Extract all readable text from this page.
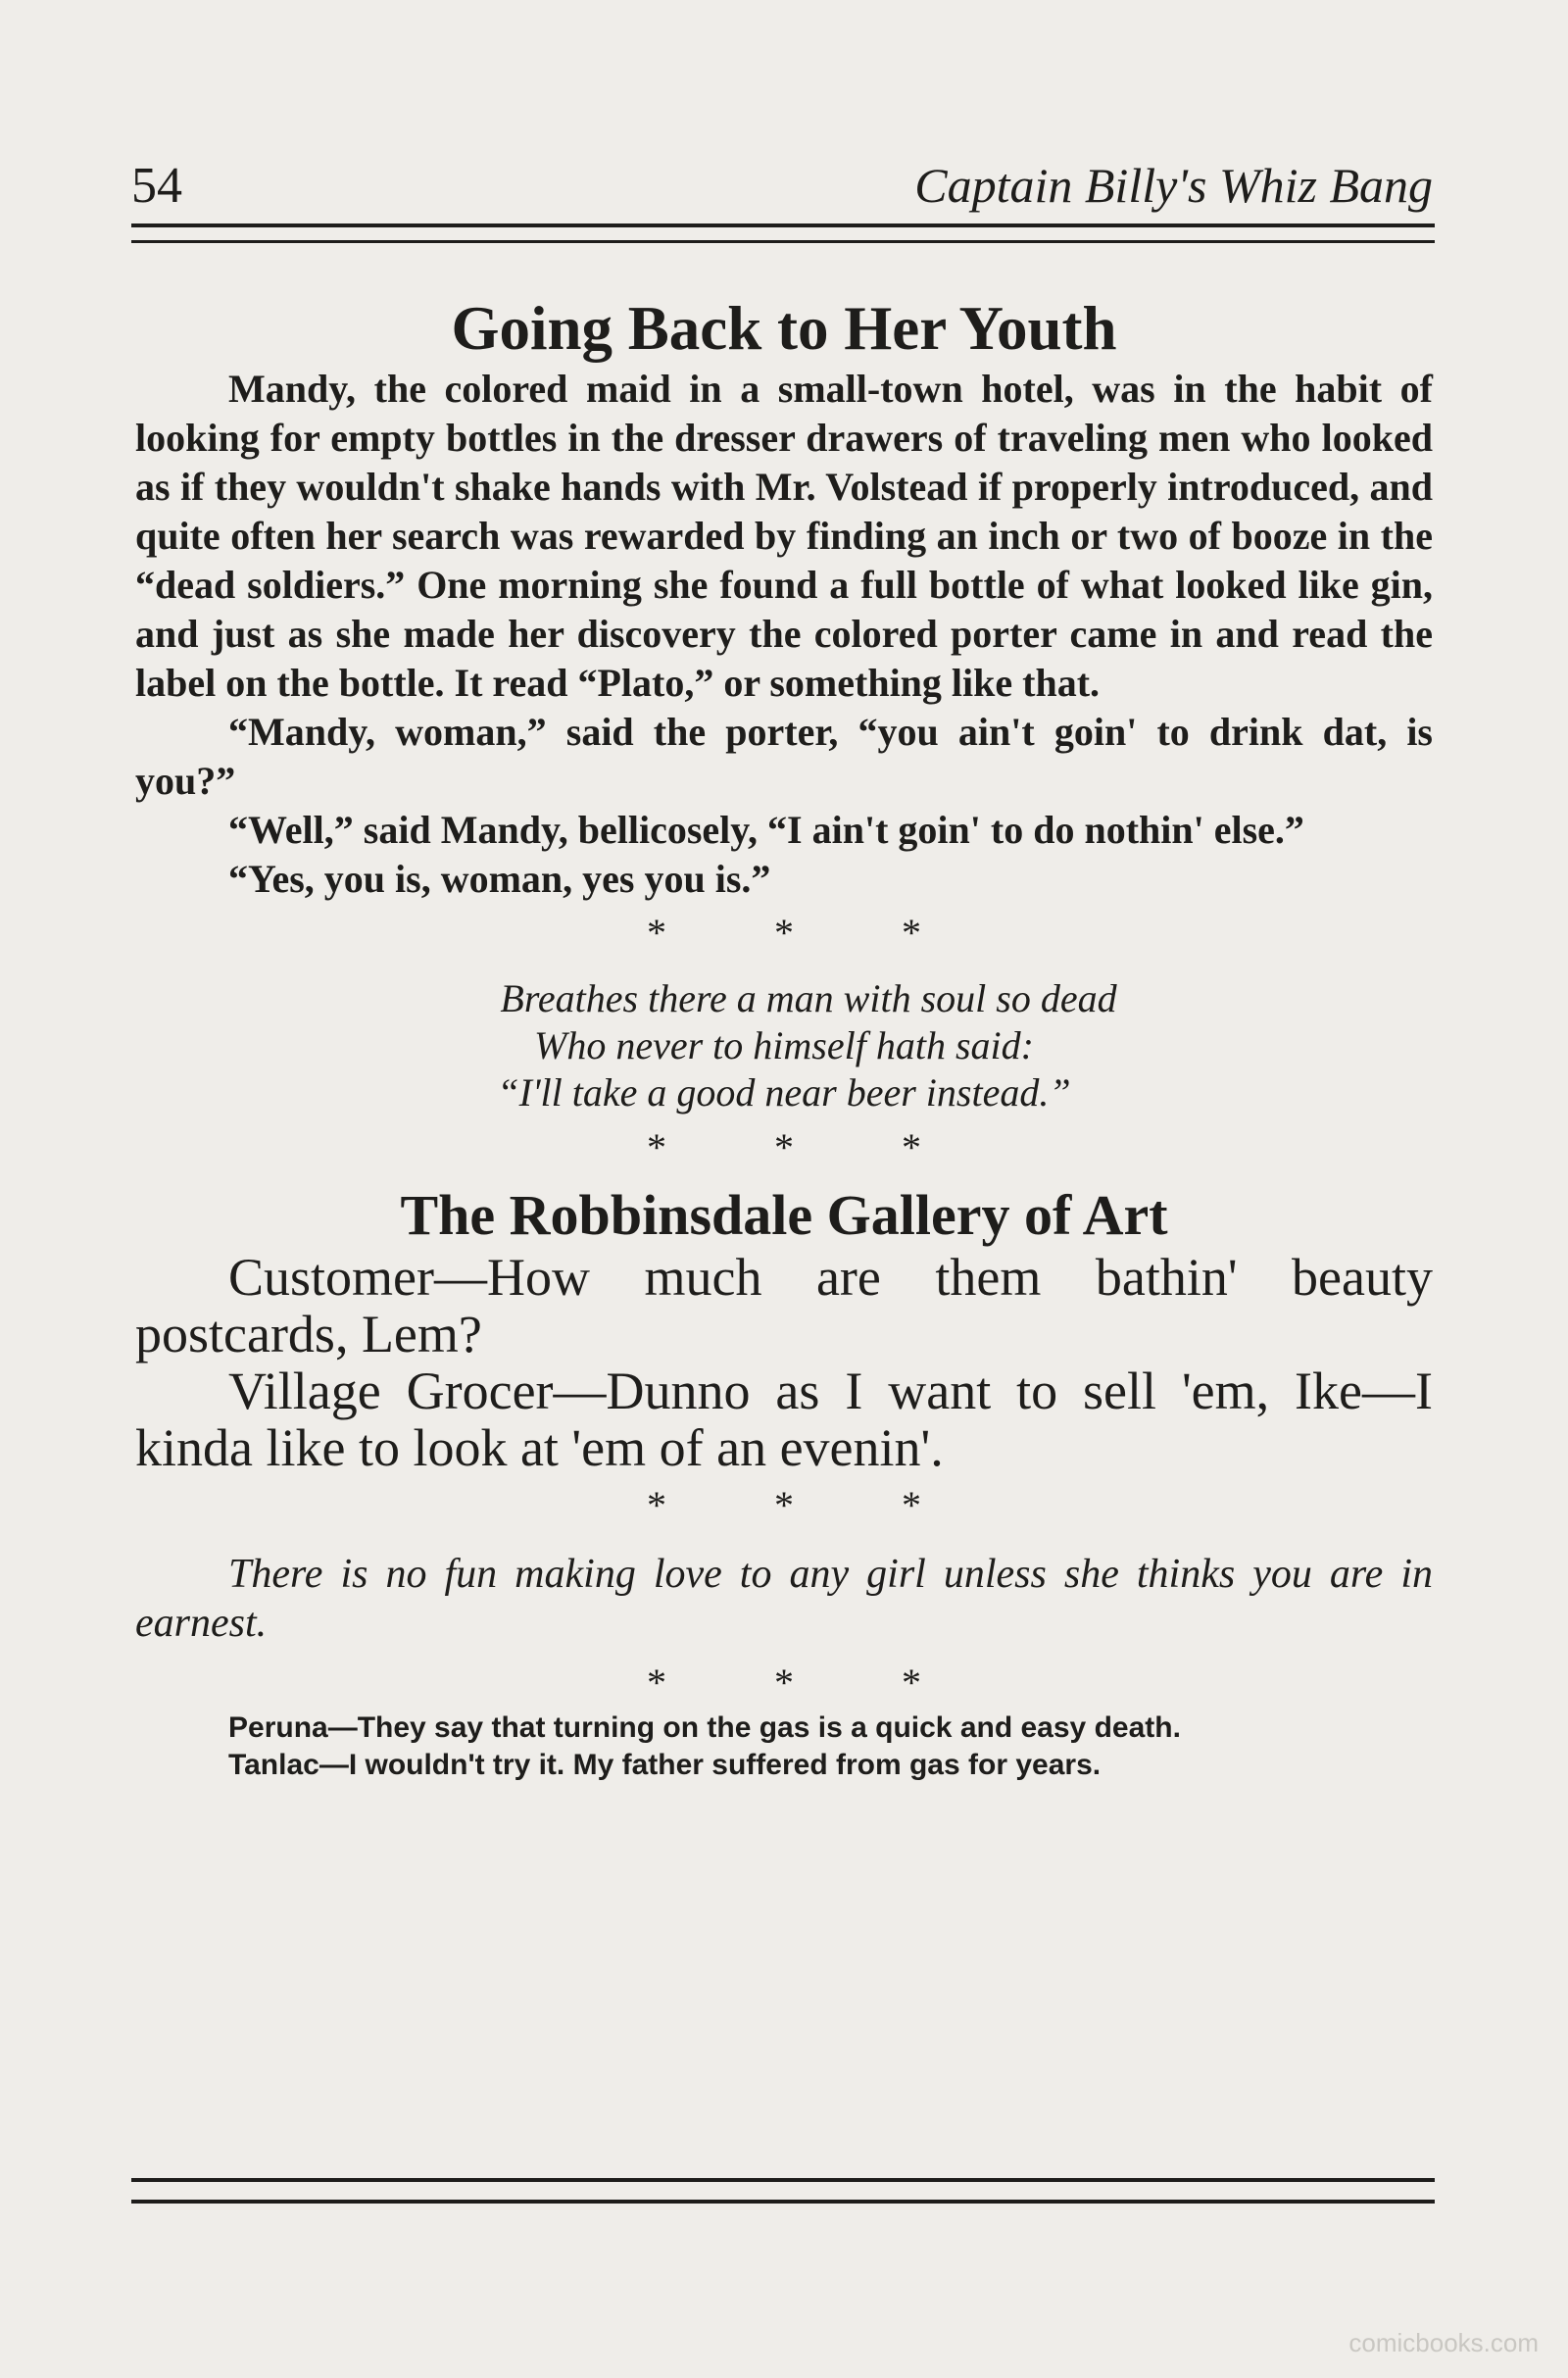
54	Captain Billy's Whiz Bang
Going Back to Her Youth

Mandy, the colored maid in a small-town hotel, was in the habit of looking for empty bottles in the dresser drawers of traveling men who looked as if they wouldn't shake hands with Mr. Volstead if properly introduced, and quite often her search was rewarded by finding an inch or two of booze in the “dead soldiers.” One morning she found a full bottle of what looked like gin, and just as she made her discovery the colored porter came in and read the label on the bottle. It read “Plato,” or something like that.

“Mandy, woman,” said the porter, “you ain't goin' to drink dat, is you?”

“Well,” said Mandy, bellicosely, “I ain't goin' to do nothin' else.”

“Yes, you is, woman, yes you is.”

* * *
Breathes there a man with soul so dead
Who never to himself hath said:
“I'll take a good near beer instead.”
* * *
The Robbinsdale Gallery of Art

Customer—How much are them bathin' beauty postcards, Lem?

Village Grocer—Dunno as I want to sell 'em, Ike—I kinda like to look at 'em of an evenin'.

* * *

There is no fun making love to any girl unless she thinks you are in earnest.

* * *

Peruna—They say that turning on the gas is a quick and easy death.

Tanlac—I wouldn't try it. My father suffered from gas for years.

comicbooks.com
